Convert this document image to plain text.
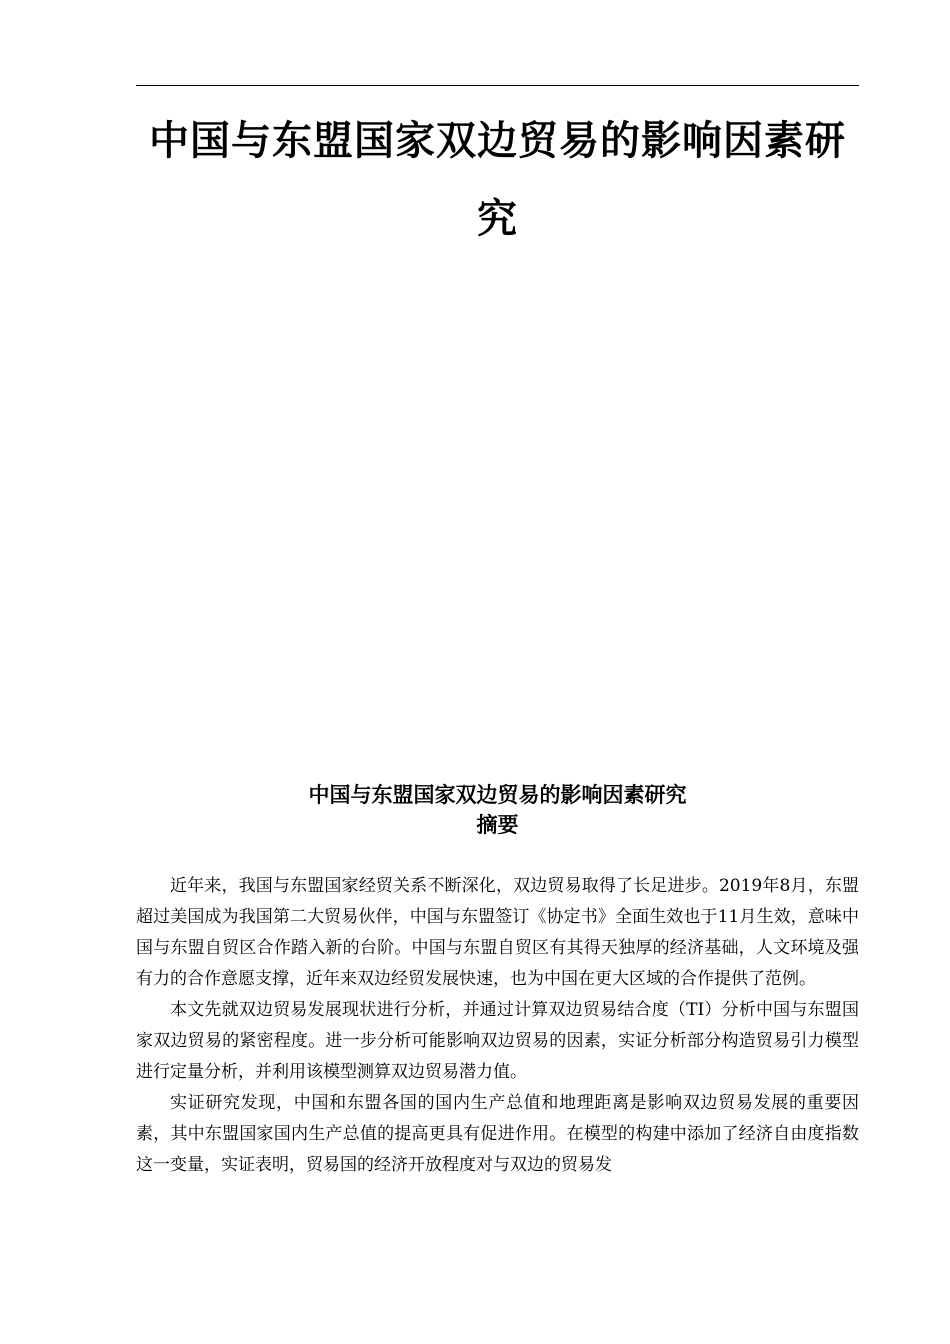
中国与东盟国家双边贸易的影响因素研究
中国与东盟国家双边贸易的影响因素研究
摘要

近年来，我国与东盟国家经贸关系不断深化，双边贸易取得了长足进步。2019年8月，东盟超过美国成为我国第二大贸易伙伴，中国与东盟签订《协定书》全面生效也于11月生效，意味中国与东盟自贸区合作踏入新的台阶。中国与东盟自贸区有其得天独厚的经济基础，人文环境及强有力的合作意愿支撑，近年来双边经贸发展快速，也为中国在更大区域的合作提供了范例。

本文先就双边贸易发展现状进行分析，并通过计算双边贸易结合度（TI）分析中国与东盟国家双边贸易的紧密程度。进一步分析可能影响双边贸易的因素，实证分析部分构造贸易引力模型进行定量分析，并利用该模型测算双边贸易潜力值。

实证研究发现，中国和东盟各国的国内生产总值和地理距离是影响双边贸易发展的重要因素，其中东盟国家国内生产总值的提高更具有促进作用。在模型的构建中添加了经济自由度指数这一变量，实证表明，贸易国的经济开放程度对与双边的贸易发
